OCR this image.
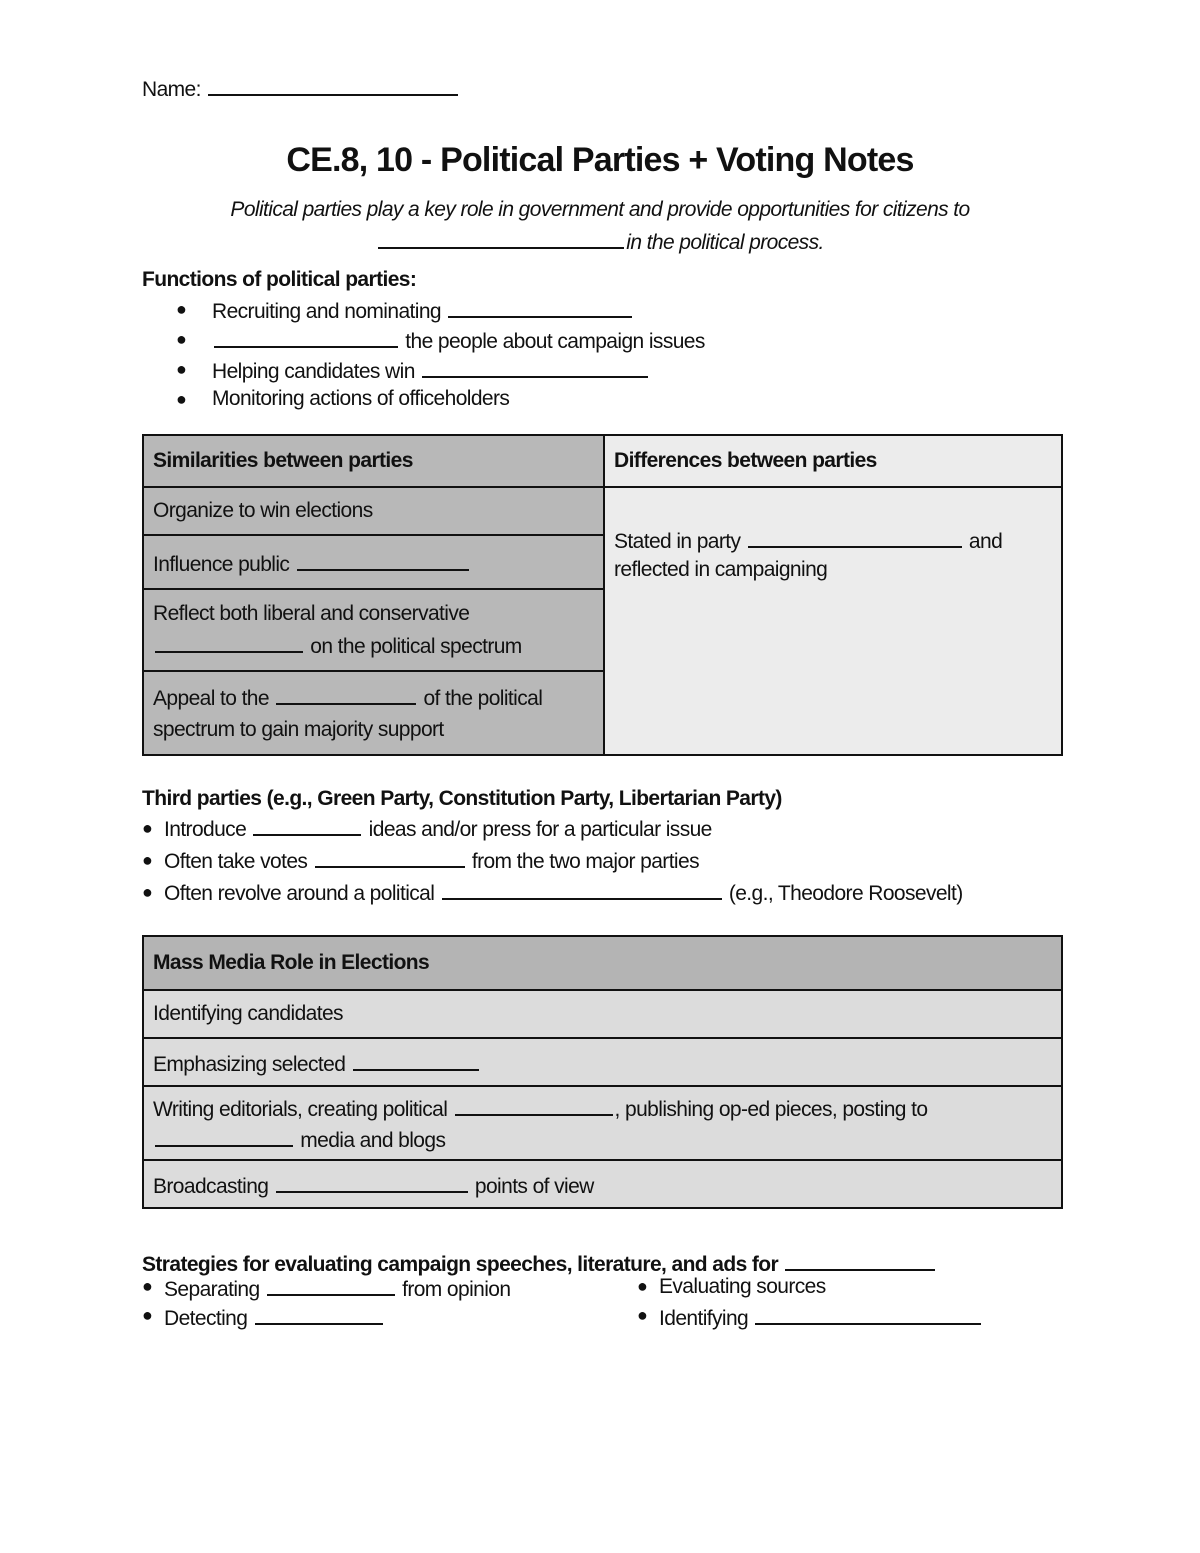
Name:
CE.8, 10 - Political Parties + Voting Notes
Political parties play a key role in government and provide opportunities for citizens to
in the political process.
Functions of political parties:
● Recruiting and nominating
●	the people about campaign issues
● Helping candidates win
● Monitoring actions of officeholders
Similarities between parties	Differences between parties
Organize to win elections	Stated in party and
reflected in campaigning

Influence public	

Reflect both liberal and conservative
on the political spectrum	

Appeal to the of the political
spectrum to gain majority support	
Third parties (e.g., Green Party, Constitution Party, Libertarian Party)
● Introduce	ideas and/or press for a particular issue
● Often take votes	from the two major parties
● Often revolve around a political	(e.g., Theodore Roosevelt)
Mass Media Role in Elections
Identifying candidates
Emphasizing selected

Writing editorials, creating political	, publishing op-ed pieces, posting to
media and blogs

Broadcasting	points of view
Strategies for evaluating campaign speeches, literature, and ads for
● Separating	from opinion
● Detecting
● Evaluating sources
● Identifying
